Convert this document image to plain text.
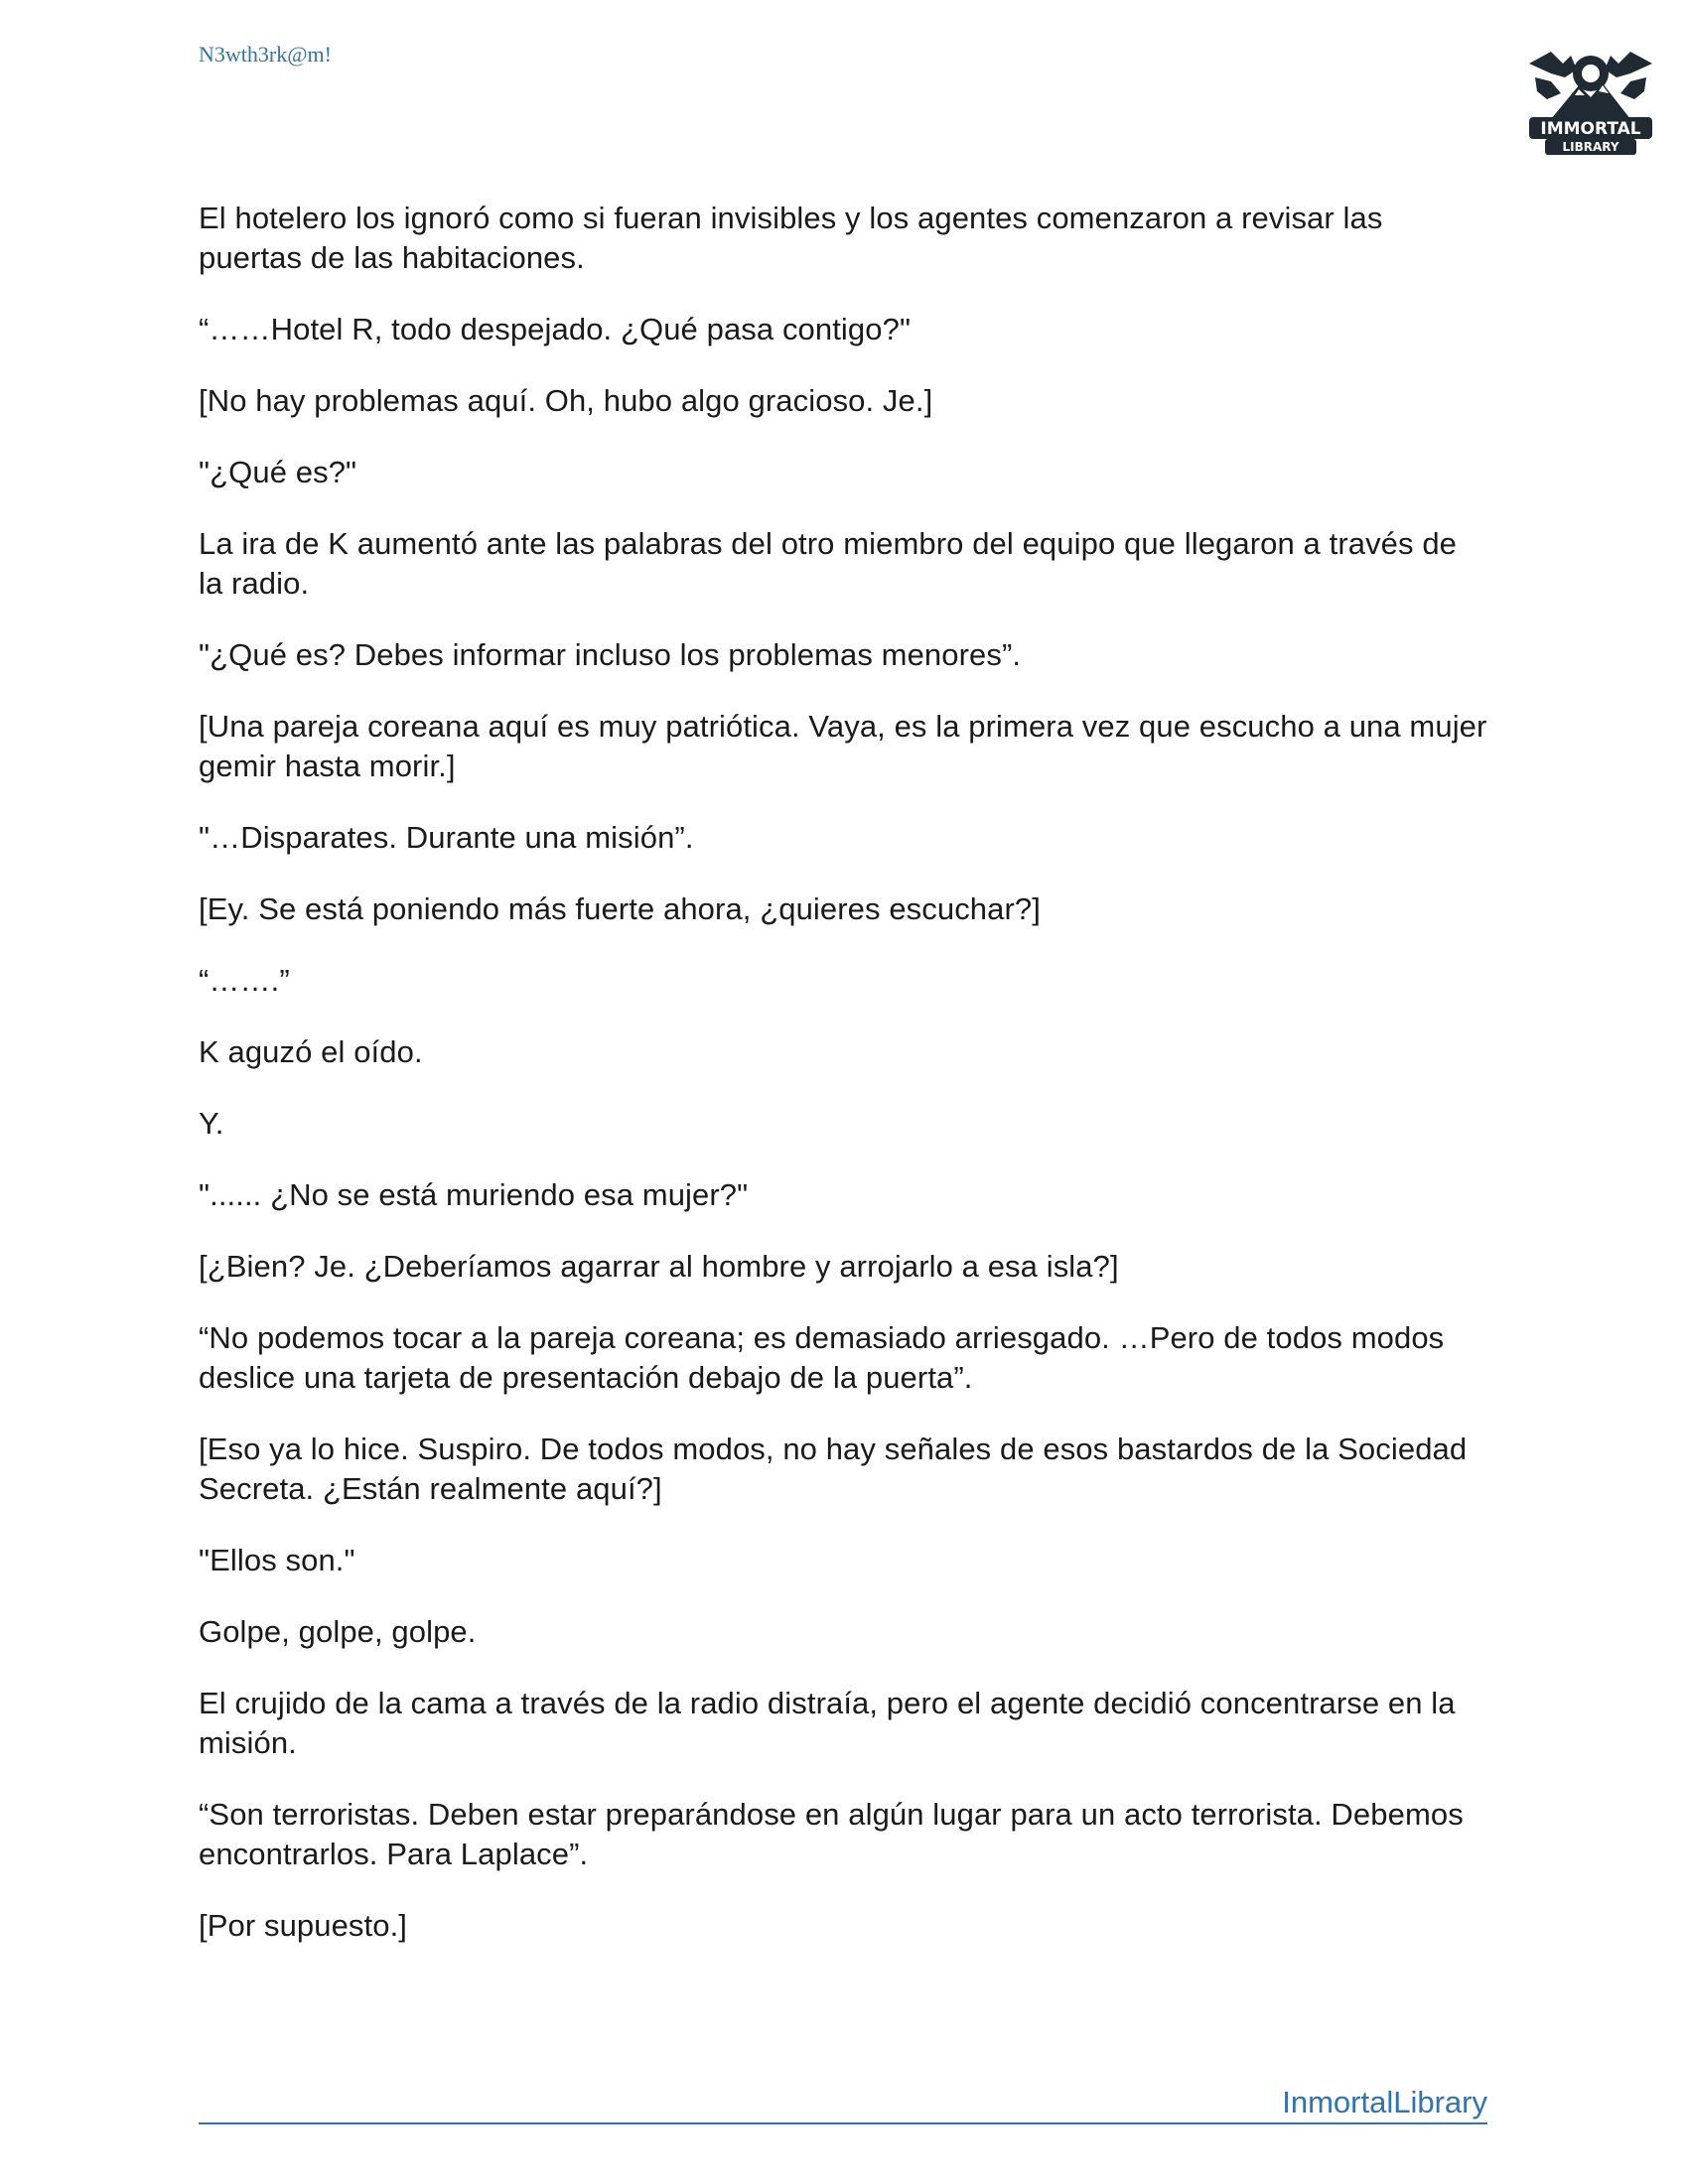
N3wth3rk@m!
IMMORTAL
LIBRARY

El hotelero los ignoró como si fueran invisibles y los agentes comenzaron a revisar las puertas de las habitaciones.

“……Hotel R, todo despejado. ¿Qué pasa contigo?"

[No hay problemas aquí. Oh, hubo algo gracioso. Je.]

"¿Qué es?"

La ira de K aumentó ante las palabras del otro miembro del equipo que llegaron a través de la radio.

"¿Qué es? Debes informar incluso los problemas menores”.

[Una pareja coreana aquí es muy patriótica. Vaya, es la primera vez que escucho a una mujer gemir hasta morir.]

"…Disparates. Durante una misión”.

[Ey. Se está poniendo más fuerte ahora, ¿quieres escuchar?]

“…….”

K aguzó el oído.

Y.

"...... ¿No se está muriendo esa mujer?"

[¿Bien? Je. ¿Deberíamos agarrar al hombre y arrojarlo a esa isla?]

“No podemos tocar a la pareja coreana; es demasiado arriesgado. …Pero de todos modos deslice una tarjeta de presentación debajo de la puerta”.

[Eso ya lo hice. Suspiro. De todos modos, no hay señales de esos bastardos de la Sociedad Secreta. ¿Están realmente aquí?]

"Ellos son."

Golpe, golpe, golpe.

El crujido de la cama a través de la radio distraía, pero el agente decidió concentrarse en la misión.

“Son terroristas. Deben estar preparándose en algún lugar para un acto terrorista. Debemos encontrarlos. Para Laplace”.

[Por supuesto.]

InmortalLibrary
